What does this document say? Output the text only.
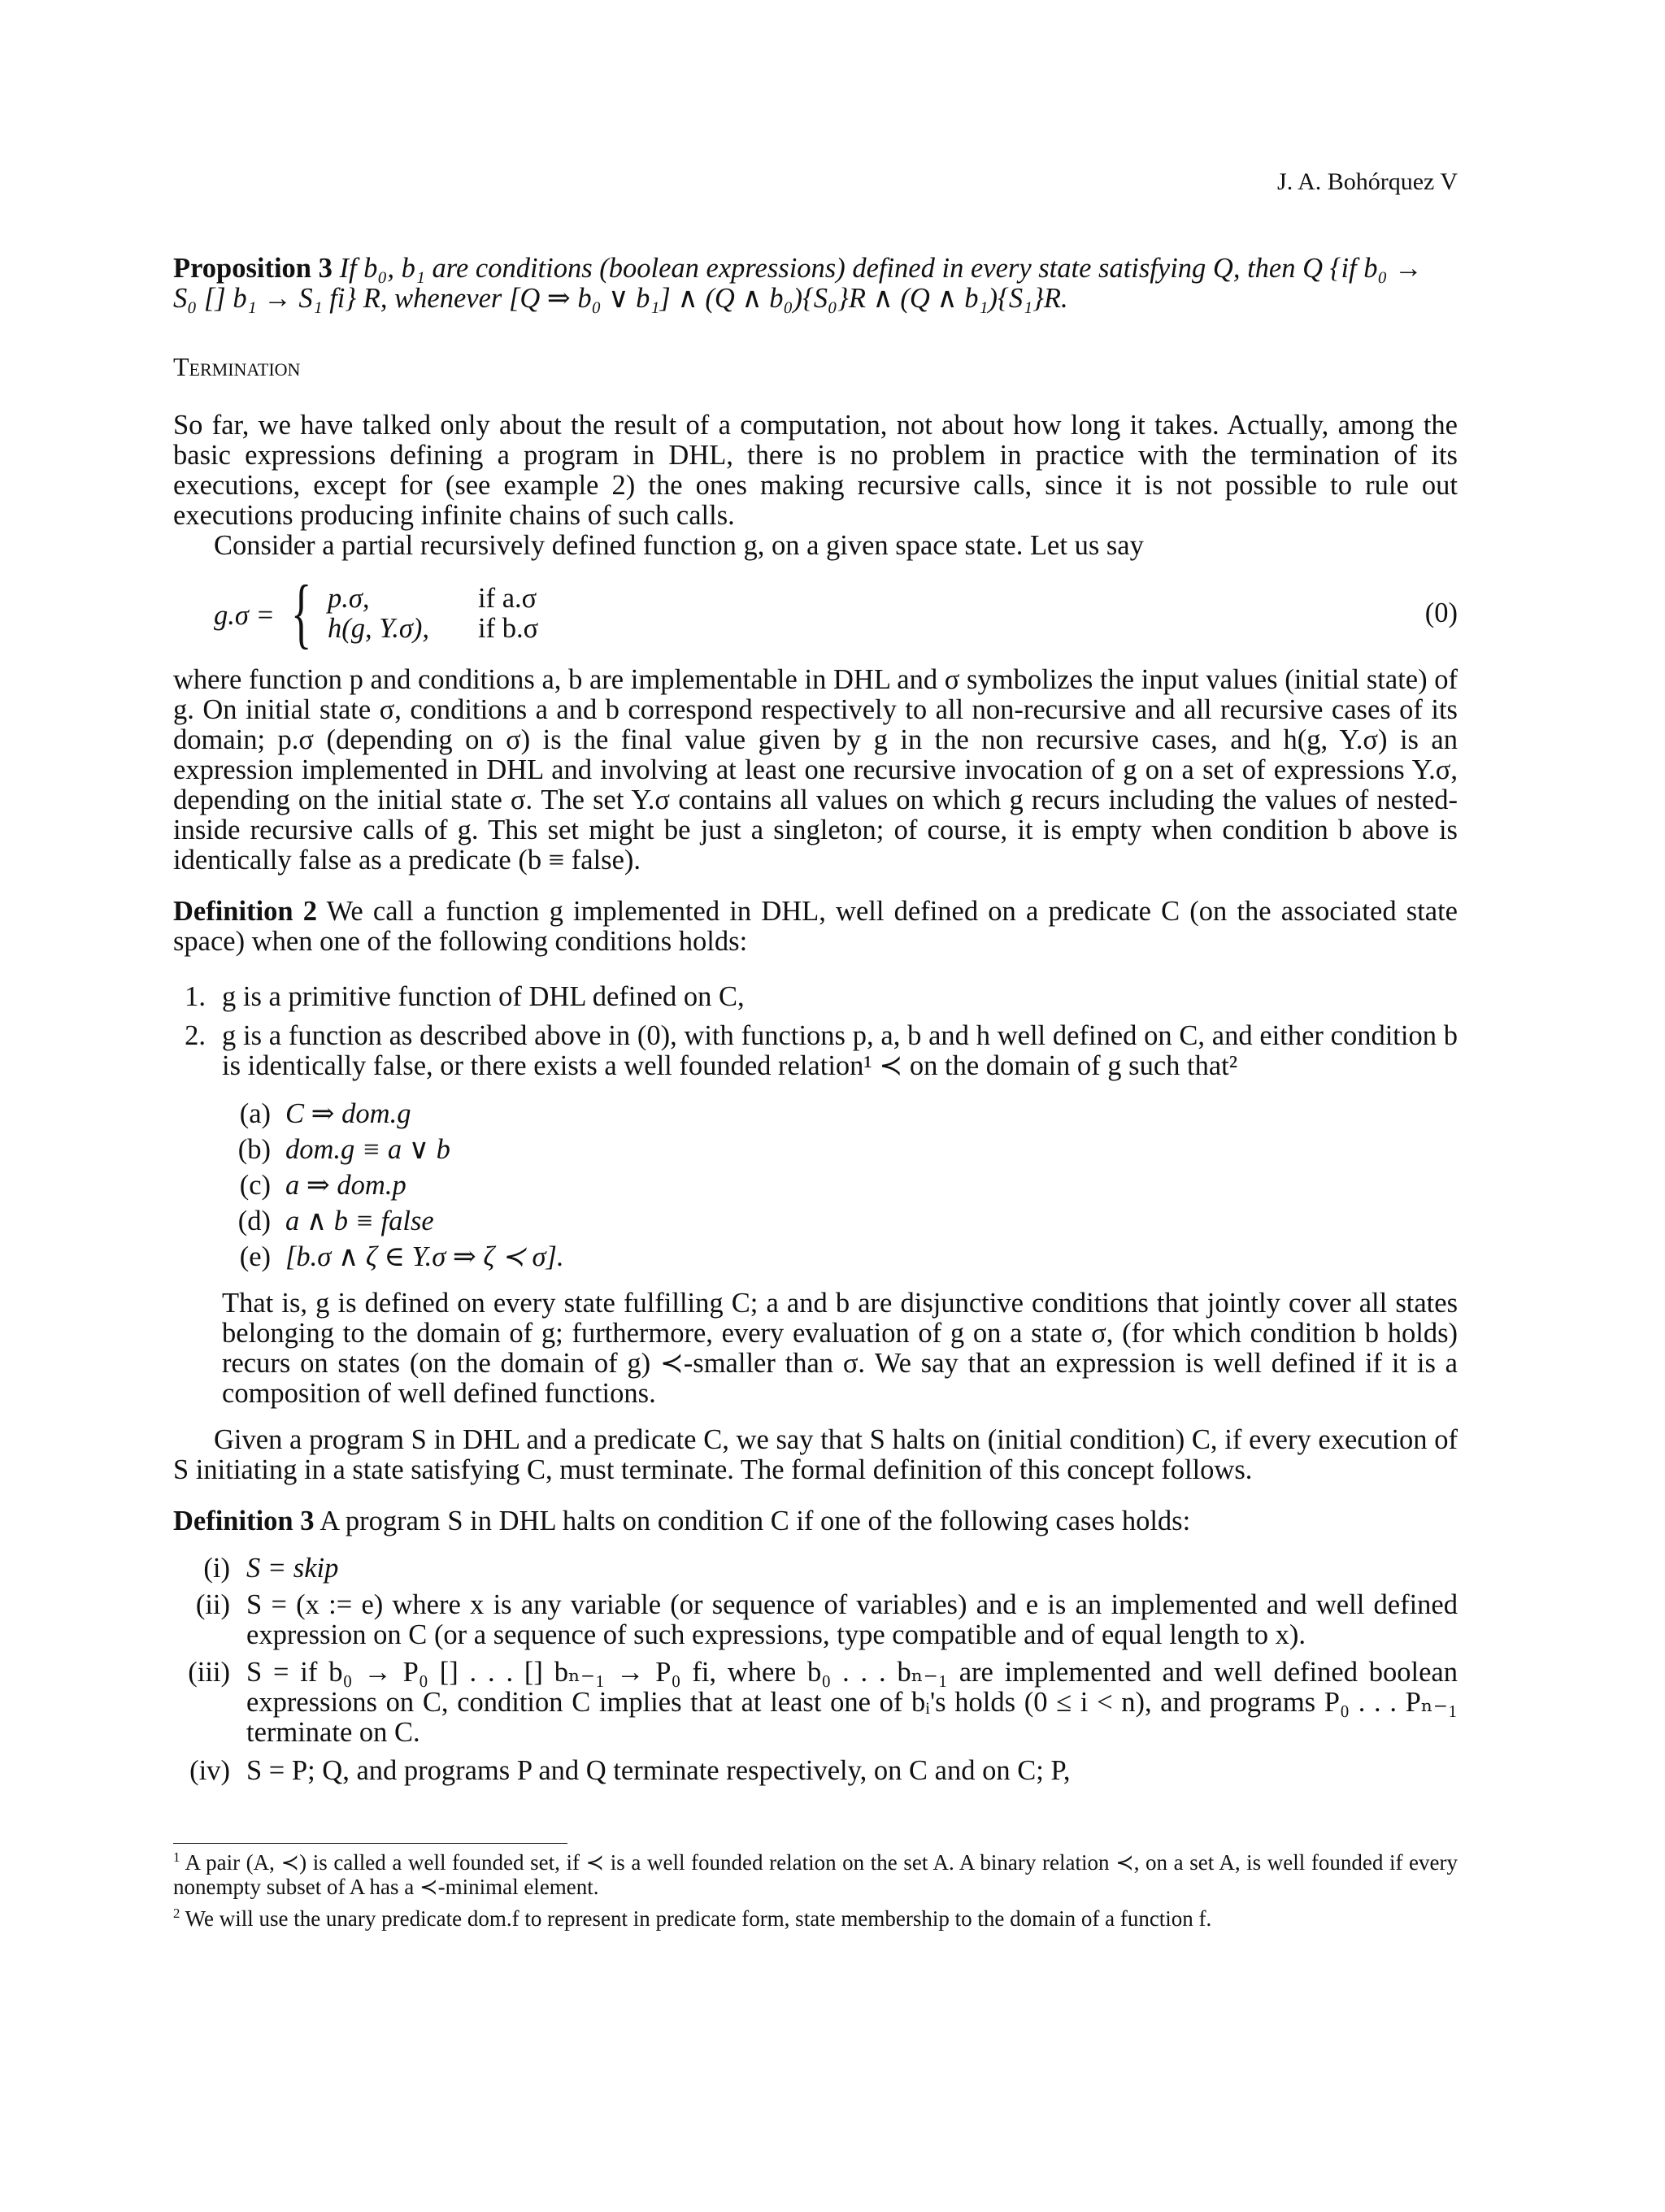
J. A. Bohórquez V
Proposition 3 If b₀, b₁ are conditions (boolean expressions) defined in every state satisfying Q, then Q {if b₀ →
S₀ [] b₁ → S₁ fi} R, whenever [Q ⇒ b₀ ∨ b₁] ∧ (Q ∧ b₀){S₀}R ∧ (Q ∧ b₁){S₁}R.
Termination
So far, we have talked only about the result of a computation, not about how long it takes. Actually, among the basic expressions defining a program in DHL, there is no problem in practice with the termination of its executions, except for (see example 2) the ones making recursive calls, since it is not possible to rule out executions producing infinite chains of such calls.
Consider a partial recursively defined function g, on a given space state. Let us say
g.σ = { p.σ,	if a.σ
h(g, Y.σ), if b.σ	(0)
where function p and conditions a, b are implementable in DHL and σ symbolizes the input values (initial state) of g. On initial state σ, conditions a and b correspond respectively to all non-recursive and all recursive cases of its domain; p.σ (depending on σ) is the final value given by g in the non recursive cases, and h(g, Y.σ) is an expression implemented in DHL and involving at least one recursive invocation of g on a set of expressions Y.σ, depending on the initial state σ. The set Y.σ contains all values on which g recurs including the values of nested-inside recursive calls of g. This set might be just a singleton; of course, it is empty when condition b above is identically false as a predicate (b ≡ false).
Definition 2 We call a function g implemented in DHL, well defined on a predicate C (on the associated state space) when one of the following conditions holds:
1. g is a primitive function of DHL defined on C,
2. g is a function as described above in (0), with functions p, a, b and h well defined on C, and either condition b is identically false, or there exists a well founded relation¹ ≺ on the domain of g such that²
(a) C ⇒ dom.g
(b) dom.g ≡ a ∨ b
(c) a ⇒ dom.p
(d) a ∧ b ≡ false
(e) [b.σ ∧ ζ ∈ Y.σ ⇒ ζ ≺ σ].
That is, g is defined on every state fulfilling C; a and b are disjunctive conditions that jointly cover all states belonging to the domain of g; furthermore, every evaluation of g on a state σ, (for which condition b holds) recurs on states (on the domain of g) ≺-smaller than σ. We say that an expression is well defined if it is a composition of well defined functions.
Given a program S in DHL and a predicate C, we say that S halts on (initial condition) C, if every execution of S initiating in a state satisfying C, must terminate. The formal definition of this concept follows.
Definition 3 A program S in DHL halts on condition C if one of the following cases holds:
(i) S = skip
(ii) S = (x := e) where x is any variable (or sequence of variables) and e is an implemented and well defined expression on C (or a sequence of such expressions, type compatible and of equal length to x).
(iii) S = if b₀ → P₀ [] . . . [] bₙ₋₁ → P₀ fi, where b₀ . . . bₙ₋₁ are implemented and well defined boolean expressions on C, condition C implies that at least one of bᵢ's holds (0 ≤ i < n), and programs P₀ . . . Pₙ₋₁ terminate on C.
(iv) S = P; Q, and programs P and Q terminate respectively, on C and on C; P,
$^1$ A pair (A, ≺) is called a well founded set, if ≺ is a well founded relation on the set A. A binary relation ≺, on a set A, is well founded if every nonempty subset of A has a ≺-minimal element.
$^2$ We will use the unary predicate dom.f to represent in predicate form, state membership to the domain of a function f.
